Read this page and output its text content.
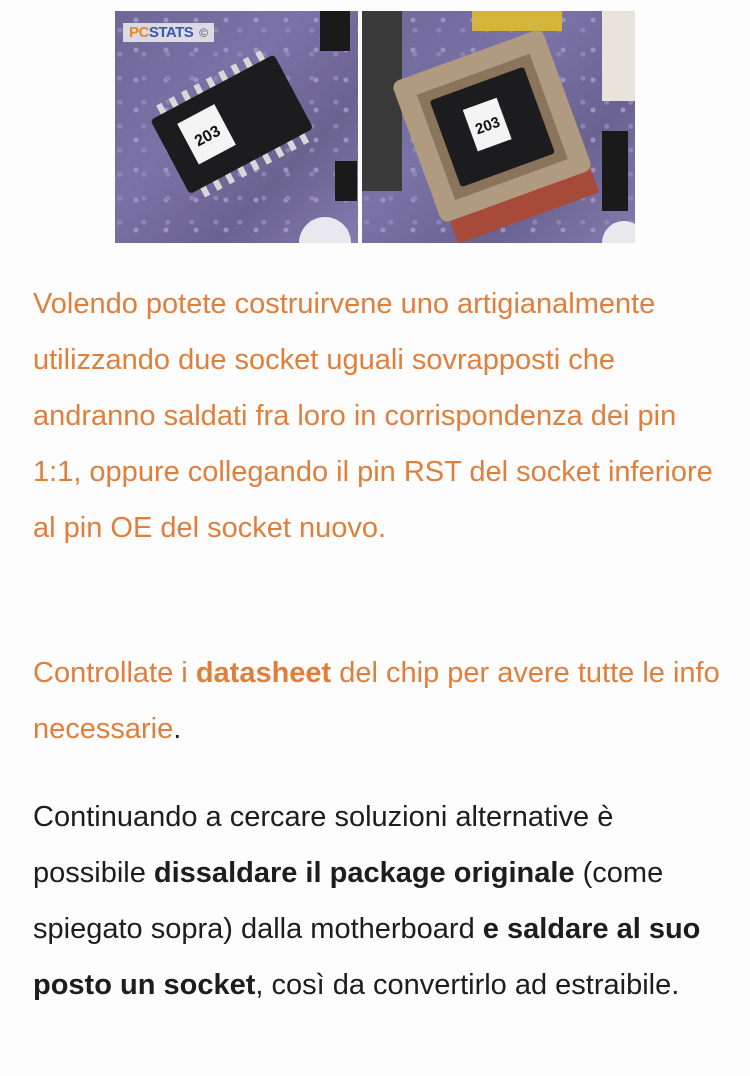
PCSTATS ©
203	203

Volendo potete costruirvene uno artigianalmente utilizzando due socket uguali sovrapposti che andranno saldati fra loro in corrispondenza dei pin 1:1, oppure collegando il pin RST del socket inferiore al pin OE del socket nuovo.

Controllate i datasheet del chip per avere tutte le info necessarie.

Continuando a cercare soluzioni alternative è possibile dissaldare il package originale (come spiegato sopra) dalla motherboard e saldare al suo posto un socket, così da convertirlo ad estraibile.
